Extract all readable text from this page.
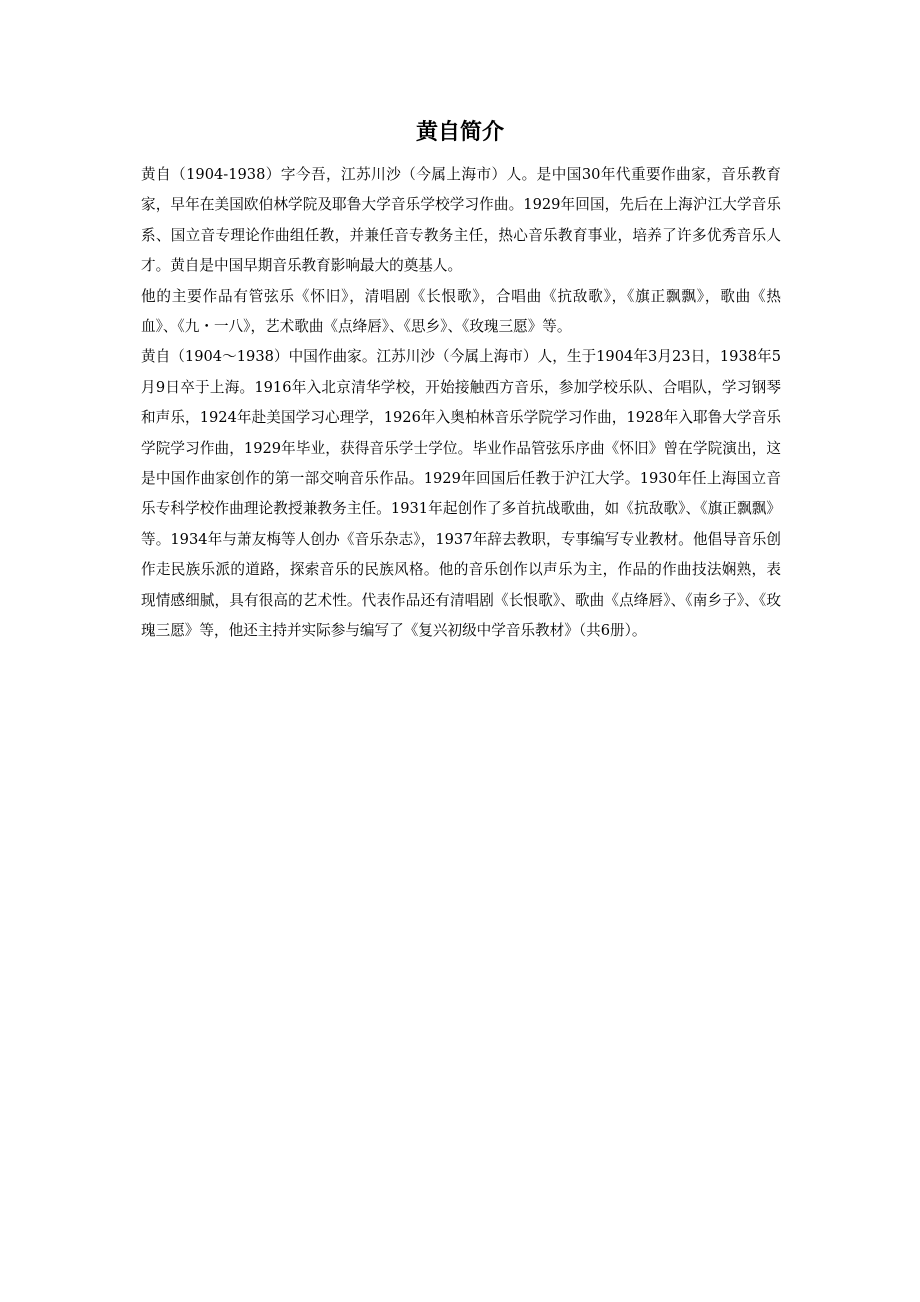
黄自简介

黄自（1904-1938）字今吾，江苏川沙（今属上海市）人。是中国30年代重要作曲家，音乐教育家，早年在美国欧伯林学院及耶鲁大学音乐学校学习作曲。1929年回国，先后在上海沪江大学音乐系、国立音专理论作曲组任教，并兼任音专教务主任，热心音乐教育事业，培养了许多优秀音乐人才。黄自是中国早期音乐教育影响最大的奠基人。

他的主要作品有管弦乐《怀旧》，清唱剧《长恨歌》，合唱曲《抗敌歌》，《旗正飘飘》，歌曲《热血》、《九・一八》，艺术歌曲《点绛唇》、《思乡》、《玫瑰三愿》等。

黄自（1904～1938）中国作曲家。江苏川沙（今属上海市）人，生于1904年3月23日，1938年5月9日卒于上海。1916年入北京清华学校，开始接触西方音乐，参加学校乐队、合唱队，学习钢琴和声乐，1924年赴美国学习心理学，1926年入奥柏林音乐学院学习作曲，1928年入耶鲁大学音乐学院学习作曲，1929年毕业，获得音乐学士学位。毕业作品管弦乐序曲《怀旧》曾在学院演出，这是中国作曲家创作的第一部交响音乐作品。1929年回国后任教于沪江大学。1930年任上海国立音乐专科学校作曲理论教授兼教务主任。1931年起创作了多首抗战歌曲，如《抗敌歌》、《旗正飘飘》等。1934年与萧友梅等人创办《音乐杂志》，1937年辞去教职，专事编写专业教材。他倡导音乐创作走民族乐派的道路，探索音乐的民族风格。他的音乐创作以声乐为主，作品的作曲技法娴熟，表现情感细腻，具有很高的艺术性。代表作品还有清唱剧《长恨歌》、歌曲《点绛唇》、《南乡子》、《玫瑰三愿》等，他还主持并实际参与编写了《复兴初级中学音乐教材》（共6册）。
